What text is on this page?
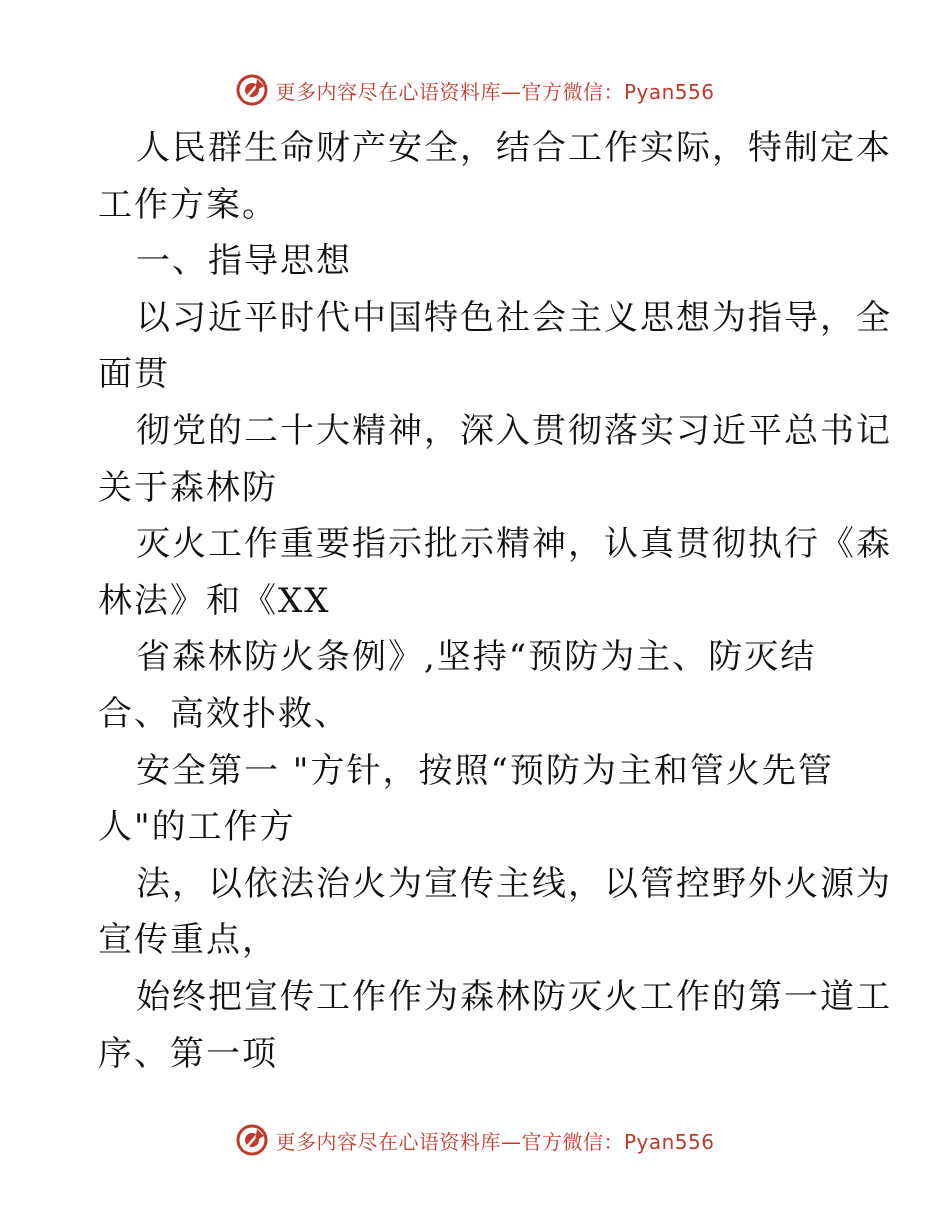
更多内容尽在心语资料库—官方微信：Pyan556
人民群生命财产安全，结合工作实际，特制定本
工作方案。
一、指导思想
以习近平时代中国特色社会主义思想为指导，全
面贯
彻党的二十大精神，深入贯彻落实习近平总书记
关于森林防
灭火工作重要指示批示精神，认真贯彻执行《森
林法》和《XX
省森林防火条例》,坚持“预防为主、防灭结
合、高效扑救、
安全第一 "方针，按照“预防为主和管火先管
人"的工作方
法，以依法治火为宣传主线，以管控野外火源为
宣传重点，
始终把宣传工作作为森林防灭火工作的第一道工
序、第一项
更多内容尽在心语资料库—官方微信：Pyan556
